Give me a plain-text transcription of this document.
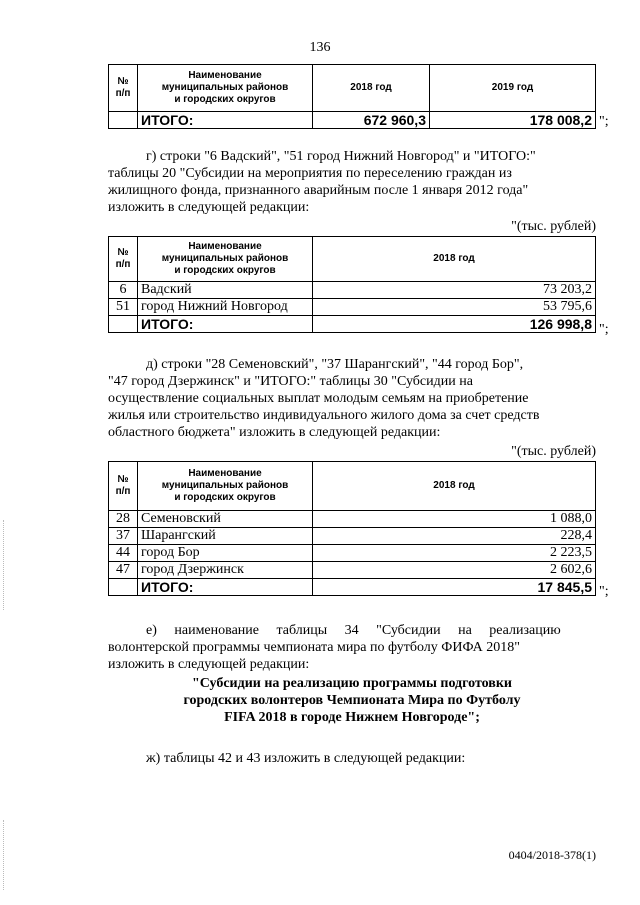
136
№
п/п	Наименование
муниципальных районов
и городских округов	2018 год	2019 год
	ИТОГО:	672 960,3	178 008,2 ";
г) строки "6 Вадский", "51 город Нижний Новгород" и "ИТОГО:"
таблицы 20 "Субсидии на мероприятия по переселению граждан из
жилищного фонда, признанного аварийным после 1 января 2012 года"
изложить в следующей редакции:
"(тыс. рублей)
№
п/п	Наименование
муниципальных районов
и городских округов	2018 год
6	Вадский	73 203,2
51	город Нижний Новгород	53 795,6
	ИТОГО:	126 998,8 ";
д) строки "28 Семеновский", "37 Шарангский", "44 город Бор",
"47 город Дзержинск" и "ИТОГО:" таблицы 30 "Субсидии на
осуществление социальных выплат молодым семьям на приобретение
жилья или строительство индивидуального жилого дома за счет средств
областного бюджета" изложить в следующей редакции:
"(тыс. рублей)
№
п/п	Наименование
муниципальных районов
и городских округов	2018 год
28	Семеновский	1 088,0
37	Шарангский	228,4
44	город Бор	2 223,5
47	город Дзержинск	2 602,6
	ИТОГО:	17 845,5 ";
е) наименование таблицы 34 "Субсидии на реализацию
волонтерской программы чемпионата мира по футболу ФИФА 2018"
изложить в следующей редакции:
"Субсидии на реализацию программы подготовки
городских волонтеров Чемпионата Мира по Футболу
FIFA 2018 в городе Нижнем Новгороде";
ж) таблицы 42 и 43 изложить в следующей редакции:
0404/2018-378(1)
